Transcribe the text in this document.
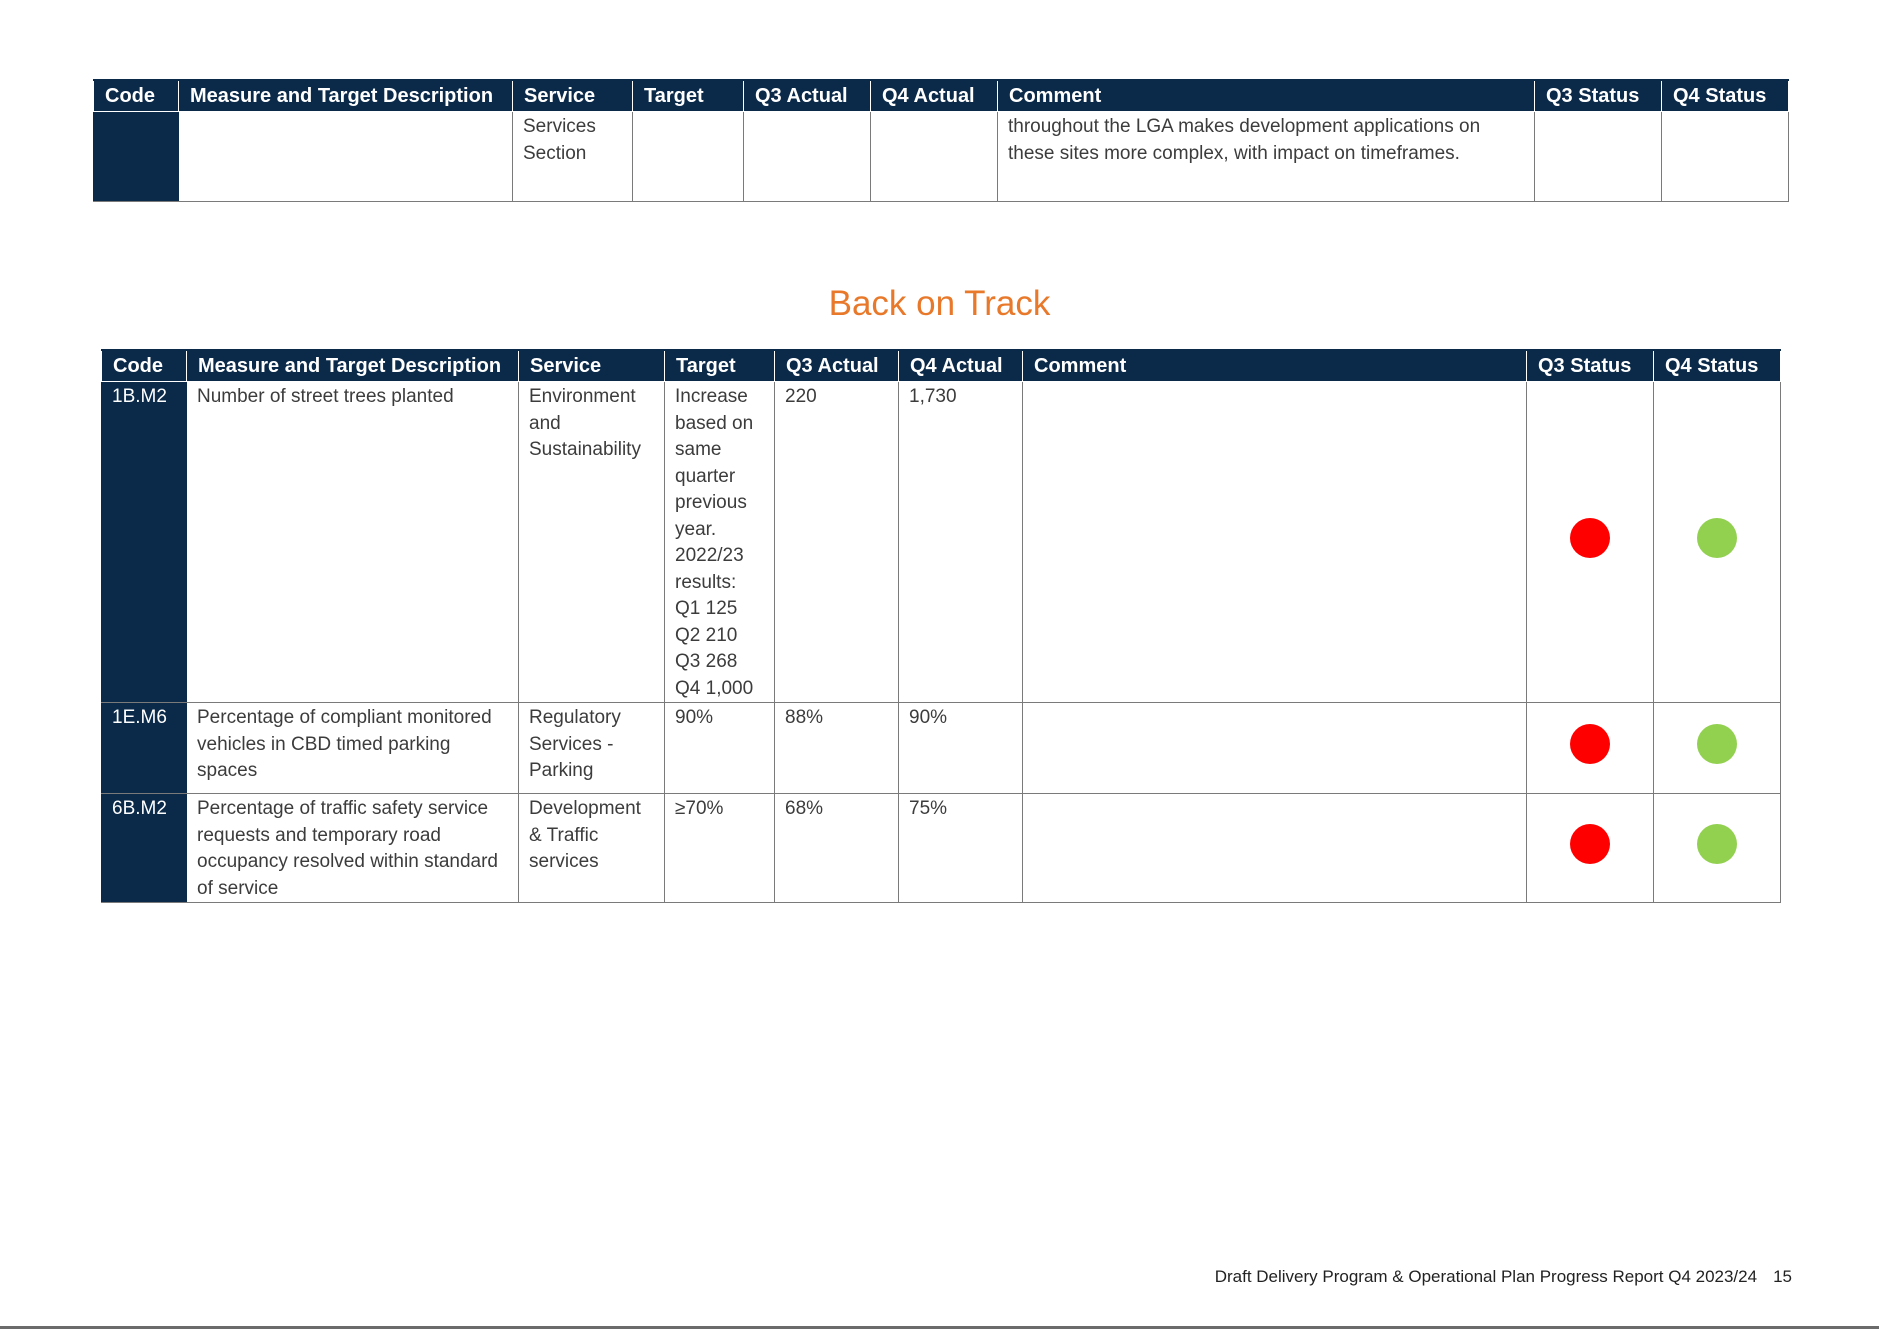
Code	Measure and Target Description	Service	Target	Q3 Actual	Q4 Actual	Comment	Q3 Status	Q4 Status
		Services Section				throughout the LGA makes development applications on these sites more complex, with impact on timeframes.		
Back on Track
Code	Measure and Target Description	Service	Target	Q3 Actual	Q4 Actual	Comment	Q3 Status	Q4 Status
1B.M2	Number of street trees planted	Environment and Sustainability	Increase based on same quarter previous year. 2022/23 results: Q1 125 Q2 210 Q3 268 Q4 1,000	220	1,730			
1E.M6	Percentage of compliant monitored vehicles in CBD timed parking spaces	Regulatory Services - Parking	90%	88%	90%			
6B.M2	Percentage of traffic safety service requests and temporary road occupancy resolved within standard of service	Development & Traffic services	≥70%	68%	75%			
Draft Delivery Program & Operational Plan Progress Report Q4 2023/24 15
